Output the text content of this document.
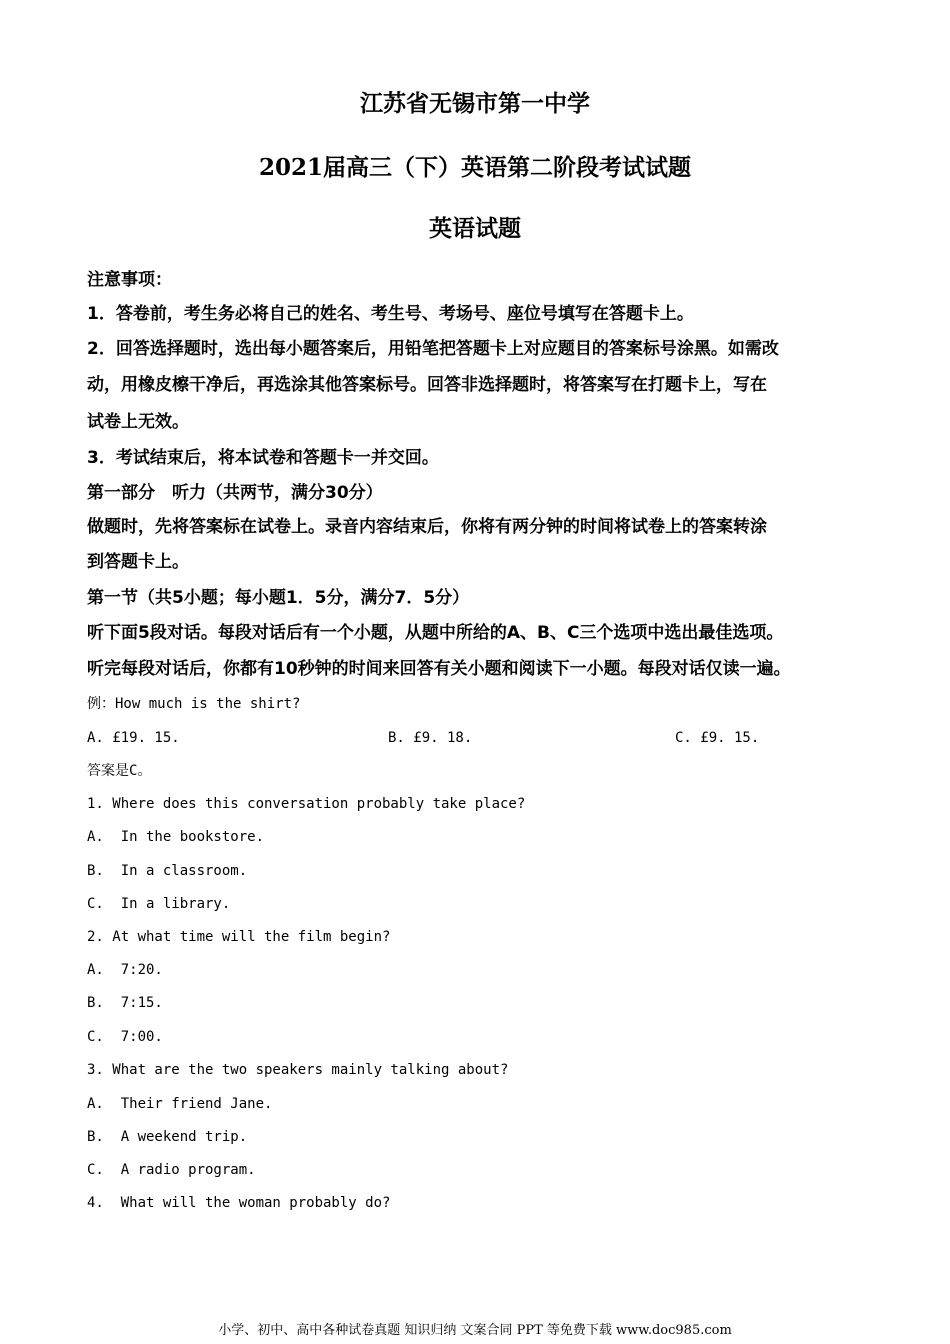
江苏省无锡市第一中学
2021届高三（下）英语第二阶段考试试题
英语试题

注意事项：

1．答卷前，考生务必将自己的姓名、考生号、考场号、座位号填写在答题卡上。

2．回答选择题时，选出每小题答案后，用铅笔把答题卡上对应题目的答案标号涂黑。如需改

动，用橡皮檫干净后，再选涂其他答案标号。回答非选择题时，将答案写在打题卡上，写在

试卷上无效。

3．考试结束后，将本试卷和答题卡一并交回。

第一部分　听力（共两节，满分30分）

做题时，先将答案标在试卷上。录音内容结束后，你将有两分钟的时间将试卷上的答案转涂

到答题卡上。

第一节（共5小题；每小题1．5分，满分7．5分）

听下面5段对话。每段对话后有一个小题，从题中所给的A、B、C三个选项中选出最佳选项。

听完每段对话后，你都有10秒钟的时间来回答有关小题和阅读下一小题。每段对话仅读一遍。

例：How much is the shirt?

A. £19. 15.	B. £9. 18.	C. £9. 15.

答案是C。

1. Where does this conversation probably take place?

A.  In the bookstore.

B.  In a classroom.

C.  In a library.

2. At what time will the film begin?

A.  7:20.

B.  7:15.

C.  7:00.

3. What are the two speakers mainly talking about?

A.  Their friend Jane.

B.  A weekend trip.

C.  A radio program.

4.  What will the woman probably do?

小学、初中、高中各种试卷真题 知识归纳 文案合同 PPT 等免费下载 www.doc985.com
